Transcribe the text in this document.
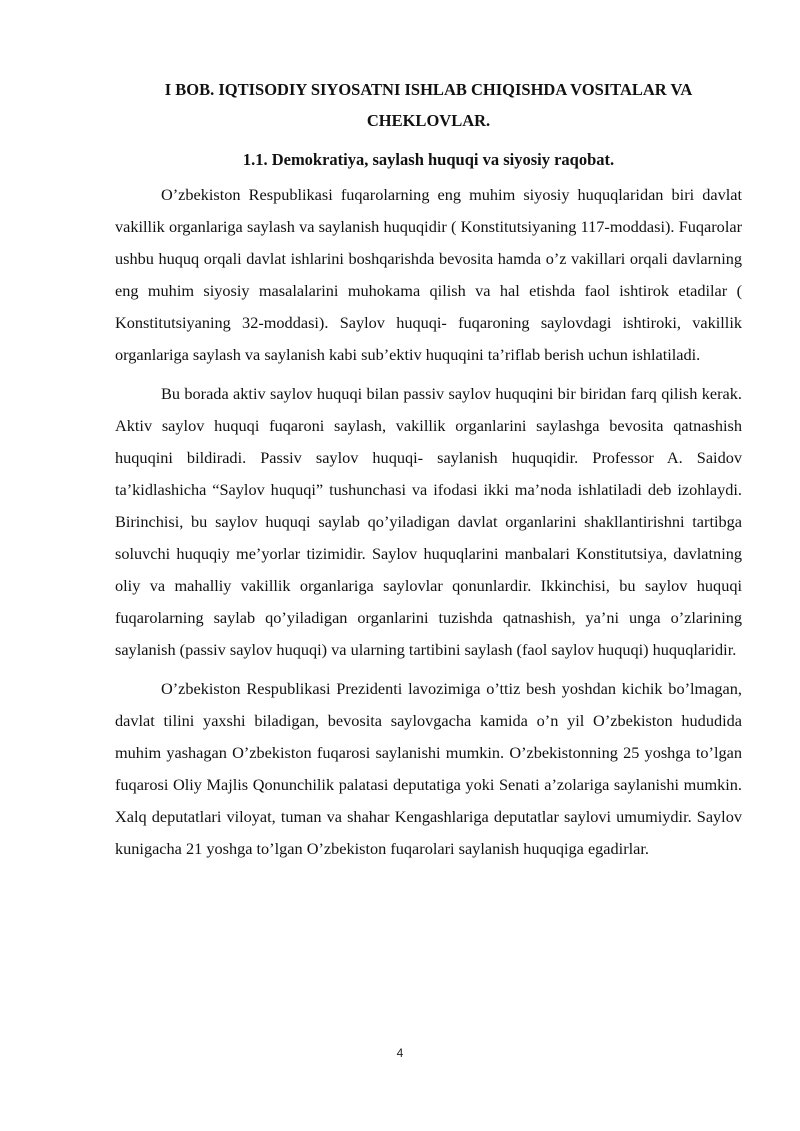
I BOB. IQTISODIY SIYOSATNI ISHLAB CHIQISHDA VOSITALAR VA CHEKLOVLAR.
1.1. Demokratiya, saylash huquqi va siyosiy raqobat.

O’zbekiston Respublikasi fuqarolarning eng muhim siyosiy huquqlaridan biri davlat vakillik organlariga saylash va saylanish huquqidir ( Konstitutsiyaning 117-moddasi). Fuqarolar ushbu huquq orqali davlat ishlarini boshqarishda bevosita hamda o’z vakillari orqali davlarning eng muhim siyosiy masalalarini muhokama qilish va hal etishda faol ishtirok etadilar ( Konstitutsiyaning 32-moddasi). Saylov huquqi- fuqaroning saylovdagi ishtiroki, vakillik organlariga saylash va saylanish kabi sub’ektiv huquqini ta’riflab berish uchun ishlatiladi.

Bu borada aktiv saylov huquqi bilan passiv saylov huquqini bir biridan farq qilish kerak. Aktiv saylov huquqi fuqaroni saylash, vakillik organlarini saylashga bevosita qatnashish huquqini bildiradi. Passiv saylov huquqi- saylanish huquqidir. Professor A. Saidov ta’kidlashicha “Saylov huquqi” tushunchasi va ifodasi ikki ma’noda ishlatiladi deb izohlaydi. Birinchisi, bu saylov huquqi saylab qo’yiladigan davlat organlarini shakllantirishni tartibga soluvchi huquqiy me’yorlar tizimidir. Saylov huquqlarini manbalari Konstitutsiya, davlatning oliy va mahalliy vakillik organlariga saylovlar qonunlardir. Ikkinchisi, bu saylov huquqi fuqarolarning saylab qo’yiladigan organlarini tuzishda qatnashish, ya’ni unga o’zlarining saylanish (passiv saylov huquqi) va ularning tartibini saylash (faol saylov huquqi) huquqlaridir.

O’zbekiston Respublikasi Prezidenti lavozimiga o’ttiz besh yoshdan kichik bo’lmagan, davlat tilini yaxshi biladigan, bevosita saylovgacha kamida o’n yil O’zbekiston hududida muhim yashagan O’zbekiston fuqarosi saylanishi mumkin. O’zbekistonning 25 yoshga to’lgan fuqarosi Oliy Majlis Qonunchilik palatasi deputatiga yoki Senati a’zolariga saylanishi mumkin. Xalq deputatlari viloyat, tuman va shahar Kengashlariga deputatlar saylovi umumiydir. Saylov kunigacha 21 yoshga to’lgan O’zbekiston fuqarolari saylanish huquqiga egadirlar.

4
